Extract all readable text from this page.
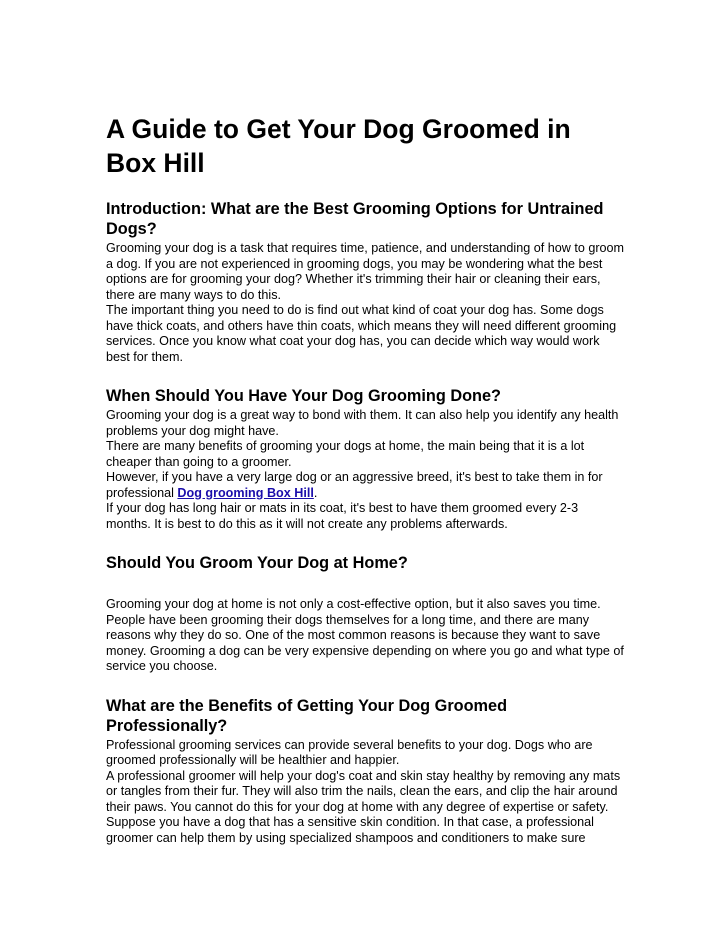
A Guide to Get Your Dog Groomed in Box Hill
Introduction: What are the Best Grooming Options for Untrained Dogs?

Grooming your dog is a task that requires time, patience, and understanding of how to groom a dog. If you are not experienced in grooming dogs, you may be wondering what the best options are for grooming your dog? Whether it's trimming their hair or cleaning their ears, there are many ways to do this.

The important thing you need to do is find out what kind of coat your dog has. Some dogs have thick coats, and others have thin coats, which means they will need different grooming services. Once you know what coat your dog has, you can decide which way would work best for them.

When Should You Have Your Dog Grooming Done?

Grooming your dog is a great way to bond with them. It can also help you identify any health problems your dog might have.

There are many benefits of grooming your dogs at home, the main being that it is a lot cheaper than going to a groomer.

However, if you have a very large dog or an aggressive breed, it's best to take them in for professional Dog grooming Box Hill.

If your dog has long hair or mats in its coat, it's best to have them groomed every 2-3 months. It is best to do this as it will not create any problems afterwards.

Should You Groom Your Dog at Home?

Grooming your dog at home is not only a cost-effective option, but it also saves you time. People have been grooming their dogs themselves for a long time, and there are many reasons why they do so. One of the most common reasons is because they want to save money. Grooming a dog can be very expensive depending on where you go and what type of service you choose.

What are the Benefits of Getting Your Dog Groomed Professionally?

Professional grooming services can provide several benefits to your dog. Dogs who are groomed professionally will be healthier and happier.

A professional groomer will help your dog's coat and skin stay healthy by removing any mats or tangles from their fur. They will also trim the nails, clean the ears, and clip the hair around their paws. You cannot do this for your dog at home with any degree of expertise or safety.

Suppose you have a dog that has a sensitive skin condition. In that case, a professional groomer can help them by using specialized shampoos and conditioners to make sure
